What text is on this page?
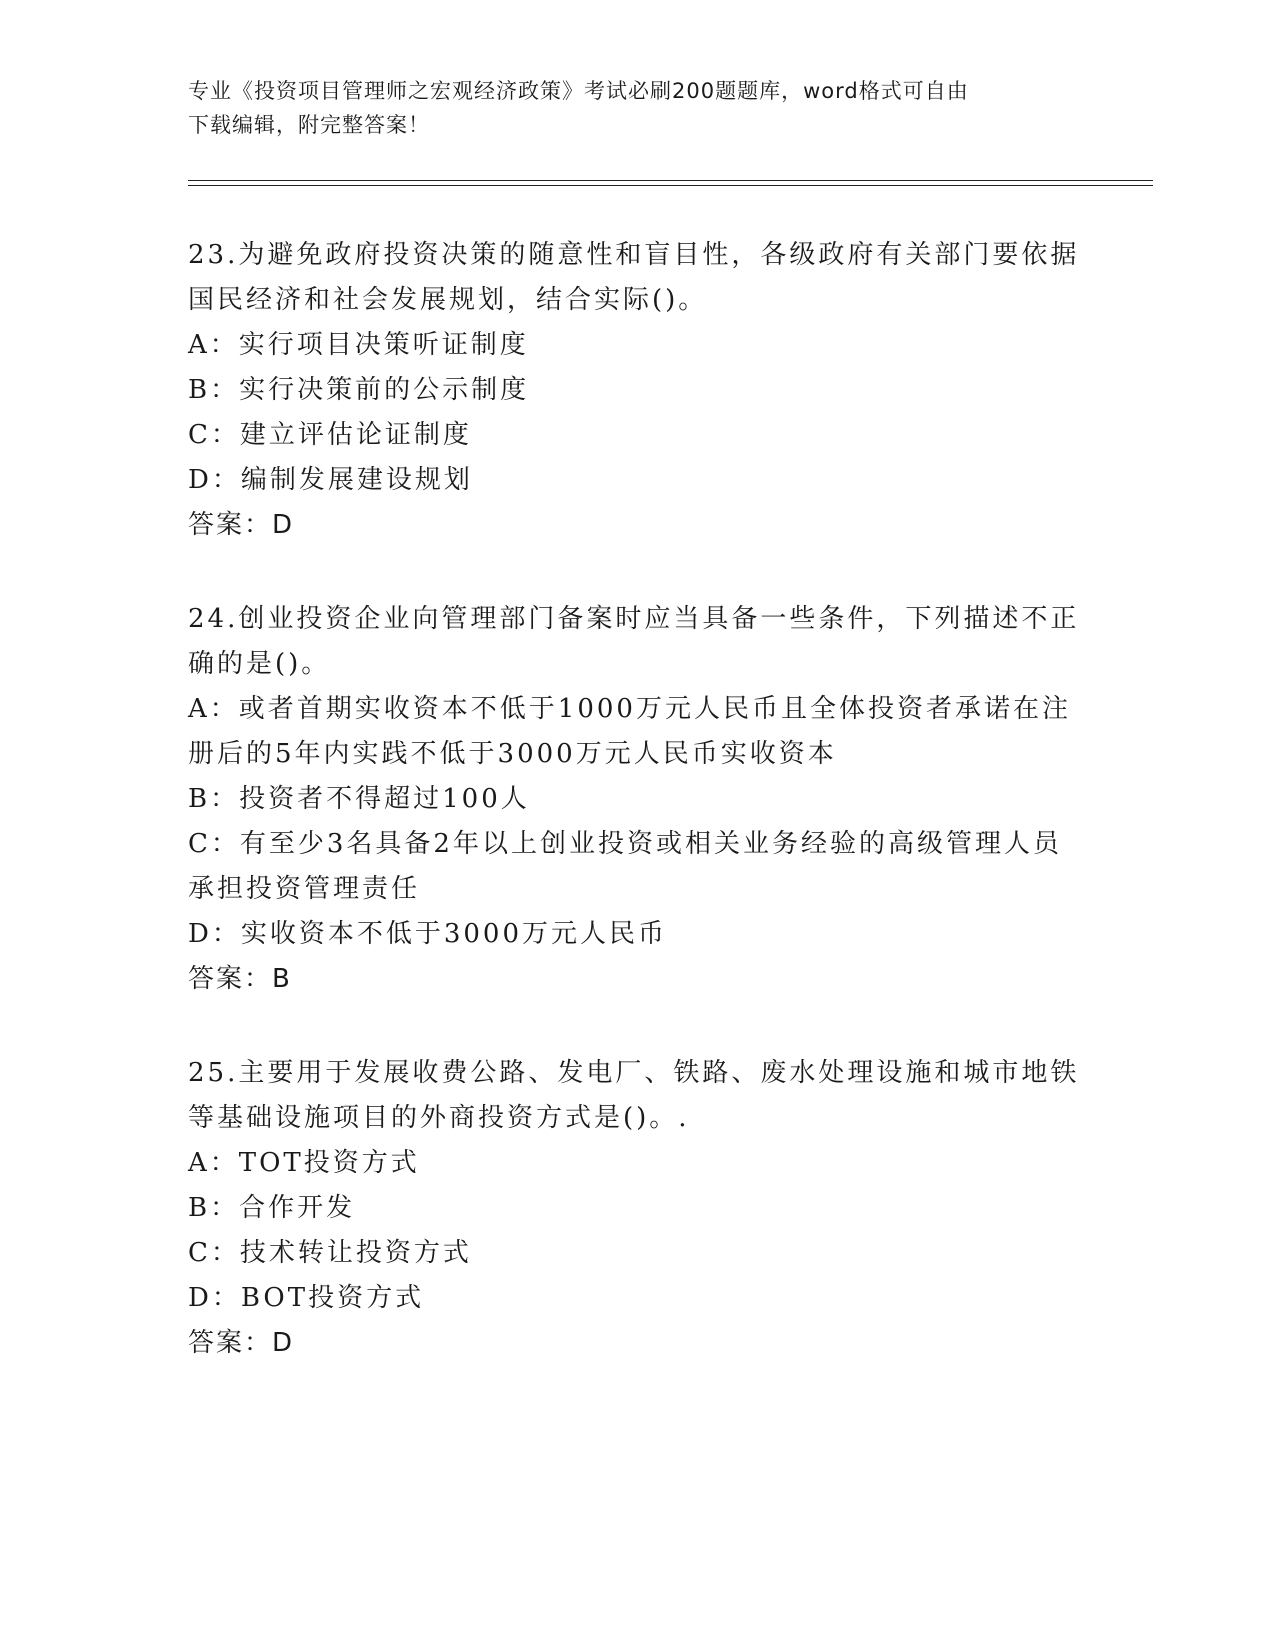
专业《投资项目管理师之宏观经济政策》考试必刷200题题库，word格式可自由
下载编辑，附完整答案！
23.为避免政府投资决策的随意性和盲目性，各级政府有关部门要依据
国民经济和社会发展规划，结合实际()。
A：实行项目决策听证制度
B：实行决策前的公示制度
C：建立评估论证制度
D：编制发展建设规划
答案：D
24.创业投资企业向管理部门备案时应当具备一些条件，下列描述不正
确的是()。
A：或者首期实收资本不低于1000万元人民币且全体投资者承诺在注
册后的5年内实践不低于3000万元人民币实收资本
B：投资者不得超过100人
C：有至少3名具备2年以上创业投资或相关业务经验的高级管理人员
承担投资管理责任
D：实收资本不低于3000万元人民币
答案：B
25.主要用于发展收费公路、发电厂、铁路、废水处理设施和城市地铁
等基础设施项目的外商投资方式是()。.
A：TOT投资方式
B：合作开发
C：技术转让投资方式
D：BOT投资方式
答案：D
